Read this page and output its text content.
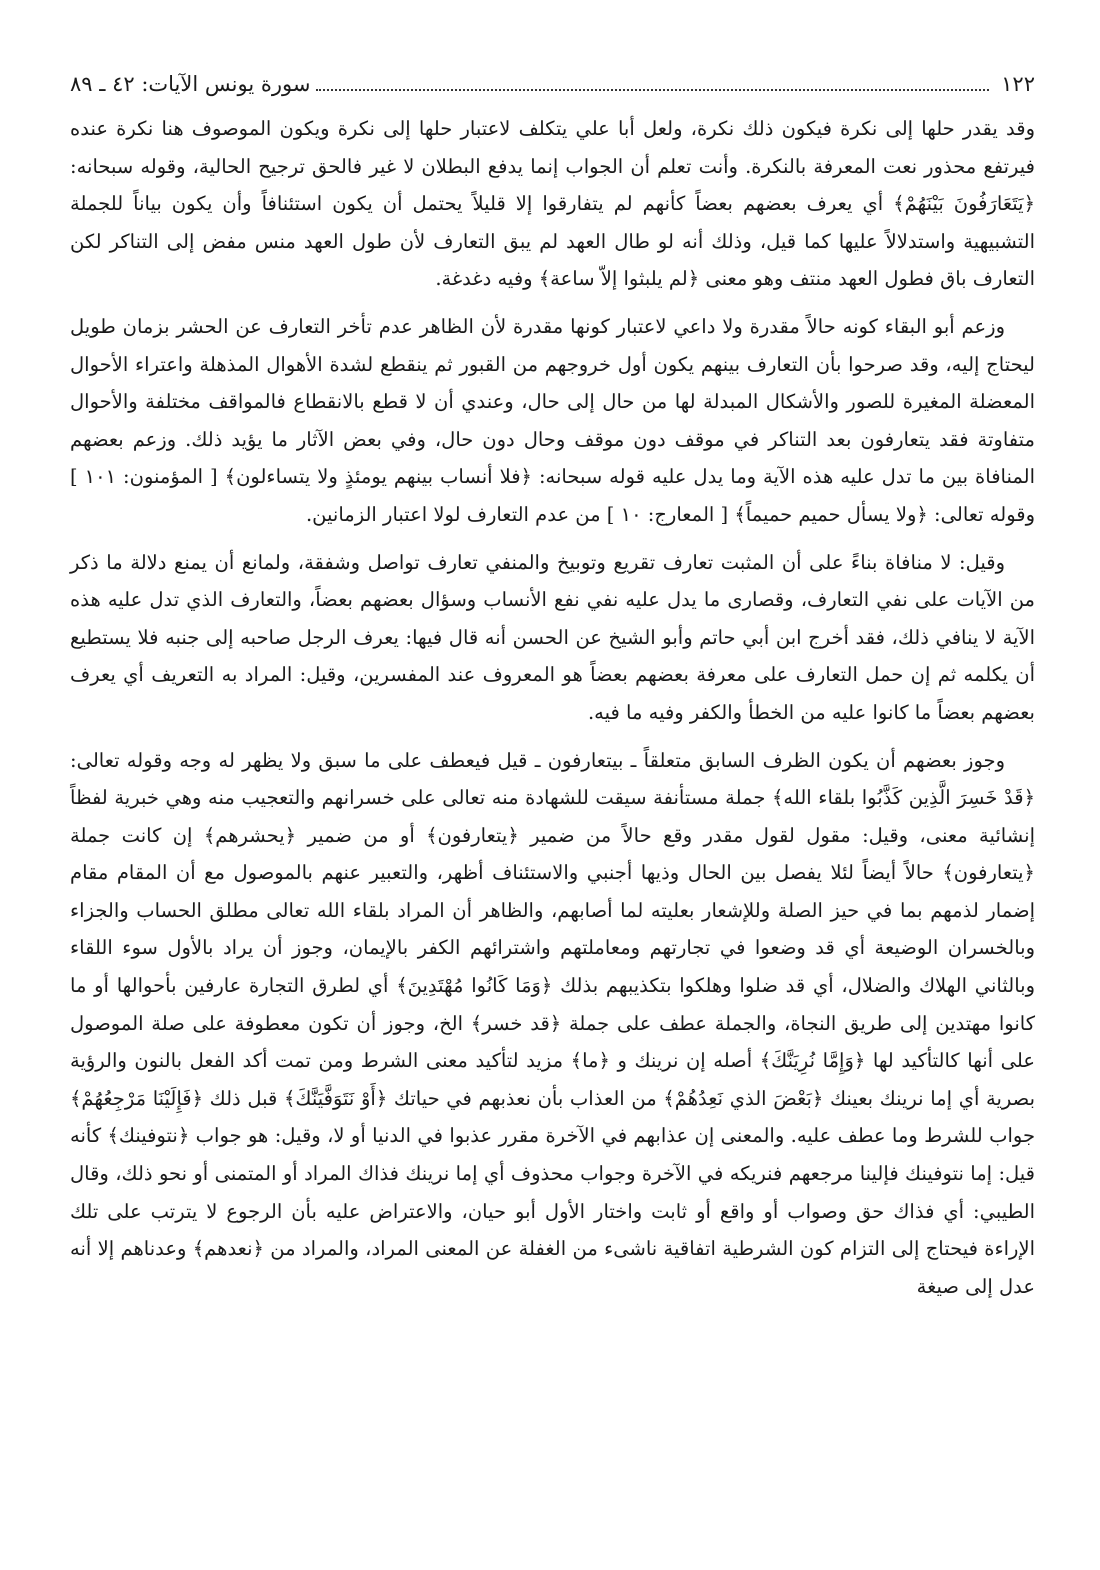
١٢٢
سورة يونس الآيات: ٤٢ ـ ٨٩

وقد يقدر حلها إلى نكرة فيكون ذلك نكرة، ولعل أبا علي يتكلف لاعتبار حلها إلى نكرة ويكون الموصوف هنا نكرة عنده فيرتفع محذور نعت المعرفة بالنكرة. وأنت تعلم أن الجواب إنما يدفع البطلان لا غير فالحق ترجيح الحالية، وقوله سبحانه: ﴿يَتَعَارَفُونَ بَيْنَهُمْ﴾ أي يعرف بعضهم بعضاً كأنهم لم يتفارقوا إلا قليلاً يحتمل أن يكون استئنافاً وأن يكون بياناً للجملة التشبيهية واستدلالاً عليها كما قيل، وذلك أنه لو طال العهد لم يبق التعارف لأن طول العهد منس مفض إلى التناكر لكن التعارف باق فطول العهد منتف وهو معنى ﴿لم يلبثوا إلاّ ساعة﴾ وفيه دغدغة.

وزعم أبو البقاء كونه حالاً مقدرة ولا داعي لاعتبار كونها مقدرة لأن الظاهر عدم تأخر التعارف عن الحشر بزمان طويل ليحتاج إليه، وقد صرحوا بأن التعارف بينهم يكون أول خروجهم من القبور ثم ينقطع لشدة الأهوال المذهلة واعتراء الأحوال المعضلة المغيرة للصور والأشكال المبدلة لها من حال إلى حال، وعندي أن لا قطع بالانقطاع فالمواقف مختلفة والأحوال متفاوتة فقد يتعارفون بعد التناكر في موقف دون موقف وحال دون حال، وفي بعض الآثار ما يؤيد ذلك. وزعم بعضهم المنافاة بين ما تدل عليه هذه الآية وما يدل عليه قوله سبحانه: ﴿فلا أنساب بينهم يومئذٍ ولا يتساءلون﴾ [ المؤمنون: ١٠١ ] وقوله تعالى: ﴿ولا يسأل حميم حميماً﴾ [ المعارج: ١٠ ] من عدم التعارف لولا اعتبار الزمانين.

وقيل: لا منافاة بناءً على أن المثبت تعارف تقريع وتوبيخ والمنفي تعارف تواصل وشفقة، ولمانع أن يمنع دلالة ما ذكر من الآيات على نفي التعارف، وقصارى ما يدل عليه نفي نفع الأنساب وسؤال بعضهم بعضاً، والتعارف الذي تدل عليه هذه الآية لا ينافي ذلك، فقد أخرج ابن أبي حاتم وأبو الشيخ عن الحسن أنه قال فيها: يعرف الرجل صاحبه إلى جنبه فلا يستطيع أن يكلمه ثم إن حمل التعارف على معرفة بعضهم بعضاً هو المعروف عند المفسرين، وقيل: المراد به التعريف أي يعرف بعضهم بعضاً ما كانوا عليه من الخطأ والكفر وفيه ما فيه.

وجوز بعضهم أن يكون الظرف السابق متعلقاً ـ بيتعارفون ـ قيل فيعطف على ما سبق ولا يظهر له وجه وقوله تعالى: ﴿قَدْ خَسِرَ الَّذِين كَذَّبُوا بلقاء الله﴾ جملة مستأنفة سيقت للشهادة منه تعالى على خسرانهم والتعجيب منه وهي خبرية لفظاً إنشائية معنى، وقيل: مقول لقول مقدر وقع حالاً من ضمير ﴿يتعارفون﴾ أو من ضمير ﴿يحشرهم﴾ إن كانت جملة ﴿يتعارفون﴾ حالاً أيضاً لئلا يفصل بين الحال وذيها أجنبي والاستئناف أظهر، والتعبير عنهم بالموصول مع أن المقام مقام إضمار لذمهم بما في حيز الصلة وللإشعار بعليته لما أصابهم، والظاهر أن المراد بلقاء الله تعالى مطلق الحساب والجزاء وبالخسران الوضيعة أي قد وضعوا في تجارتهم ومعاملتهم واشترائهم الكفر بالإيمان، وجوز أن يراد بالأول سوء اللقاء وبالثاني الهلاك والضلال، أي قد ضلوا وهلكوا بتكذيبهم بذلك ﴿وَمَا كَانُوا مُهْتَدِينَ﴾ أي لطرق التجارة عارفين بأحوالها أو ما كانوا مهتدين إلى طريق النجاة، والجملة عطف على جملة ﴿قد خسر﴾ الخ، وجوز أن تكون معطوفة على صلة الموصول على أنها كالتأكيد لها ﴿وَإِمَّا نُرِيَنَّكَ﴾ أصله إن نرينك و ﴿ما﴾ مزيد لتأكيد معنى الشرط ومن تمت أكد الفعل بالنون والرؤية بصرية أي إما نرينك بعينك ﴿بَعْضَ الذي نَعِدُهُمْ﴾ من العذاب بأن نعذبهم في حياتك ﴿أَوْ نَتَوَفَّيَنَّكَ﴾ قبل ذلك ﴿فَإِلَيْنَا مَرْجِعُهُمْ﴾ جواب للشرط وما عطف عليه. والمعنى إن عذابهم في الآخرة مقرر عذبوا في الدنيا أو لا، وقيل: هو جواب ﴿نتوفينك﴾ كأنه قيل: إما نتوفينك فإلينا مرجعهم فنريكه في الآخرة وجواب محذوف أي إما نرينك فذاك المراد أو المتمنى أو نحو ذلك، وقال الطيبي: أي فذاك حق وصواب أو واقع أو ثابت واختار الأول أبو حيان، والاعتراض عليه بأن الرجوع لا يترتب على تلك الإراءة فيحتاج إلى التزام كون الشرطية اتفاقية ناشىء من الغفلة عن المعنى المراد، والمراد من ﴿نعدهم﴾ وعدناهم إلا أنه عدل إلى صيغة
